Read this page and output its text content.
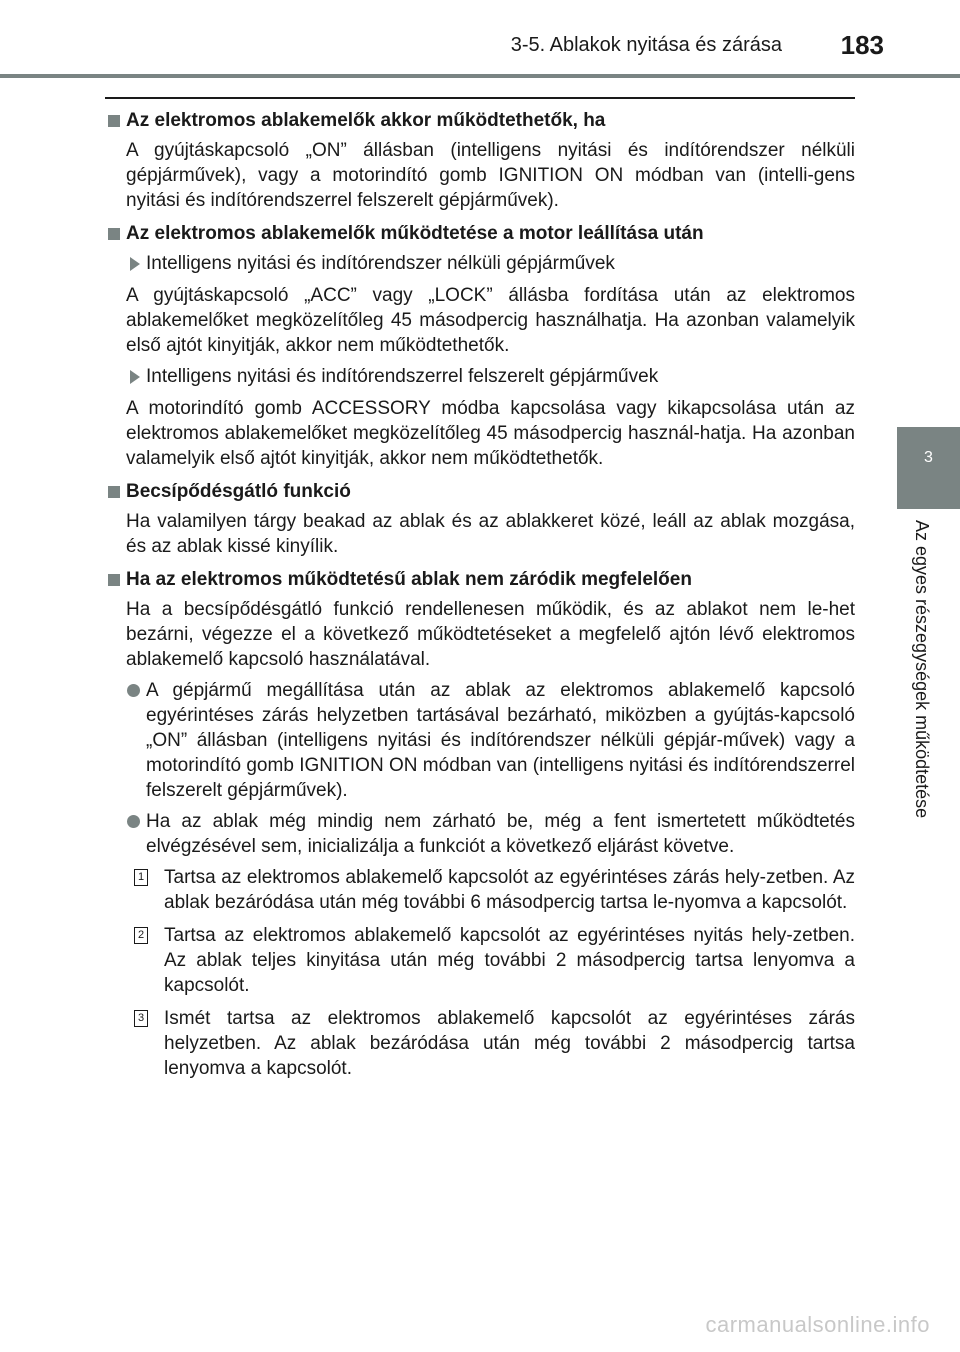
3-5. Ablakok nyitása és zárása 183
3
Az egyes részegységek működtetése
Az elektromos ablakemelők akkor működtethetők, ha
A gyújtáskapcsoló „ON” állásban (intelligens nyitási és indítórendszer nélküli gépjárművek), vagy a motorindító gomb IGNITION ON módban van (intelli-gens nyitási és indítórendszerrel felszerelt gépjárművek).
Az elektromos ablakemelők működtetése a motor leállítása után
Intelligens nyitási és indítórendszer nélküli gépjárművek
A gyújtáskapcsoló „ACC” vagy „LOCK” állásba fordítása után az elektromos ablakemelőket megközelítőleg 45 másodpercig használhatja. Ha azonban valamelyik első ajtót kinyitják, akkor nem működtethetők.
Intelligens nyitási és indítórendszerrel felszerelt gépjárművek
A motorindító gomb ACCESSORY módba kapcsolása vagy kikapcsolása után az elektromos ablakemelőket megközelítőleg 45 másodpercig használ-hatja. Ha azonban valamelyik első ajtót kinyitják, akkor nem működtethetők.
Becsípődésgátló funkció
Ha valamilyen tárgy beakad az ablak és az ablakkeret közé, leáll az ablak mozgása, és az ablak kissé kinyílik.
Ha az elektromos működtetésű ablak nem záródik megfelelően
Ha a becsípődésgátló funkció rendellenesen működik, és az ablakot nem le-het bezárni, végezze el a következő működtetéseket a megfelelő ajtón lévő elektromos ablakemelő kapcsoló használatával.
A gépjármű megállítása után az ablak az elektromos ablakemelő kapcsoló egyérintéses zárás helyzetben tartásával bezárható, miközben a gyújtás-kapcsoló „ON” állásban (intelligens nyitási és indítórendszer nélküli gépjár-művek) vagy a motorindító gomb IGNITION ON módban van (intelligens nyitási és indítórendszerrel felszerelt gépjárművek).
Ha az ablak még mindig nem zárható be, még a fent ismertetett működtetés elvégzésével sem, inicializálja a funkciót a következő eljárást követve.
1 Tartsa az elektromos ablakemelő kapcsolót az egyérintéses zárás hely-zetben. Az ablak bezáródása után még további 6 másodpercig tartsa le-nyomva a kapcsolót.
2 Tartsa az elektromos ablakemelő kapcsolót az egyérintéses nyitás hely-zetben. Az ablak teljes kinyitása után még további 2 másodpercig tartsa lenyomva a kapcsolót.
3 Ismét tartsa az elektromos ablakemelő kapcsolót az egyérintéses zárás helyzetben. Az ablak bezáródása után még további 2 másodpercig tartsa lenyomva a kapcsolót.
carmanualsonline.info
